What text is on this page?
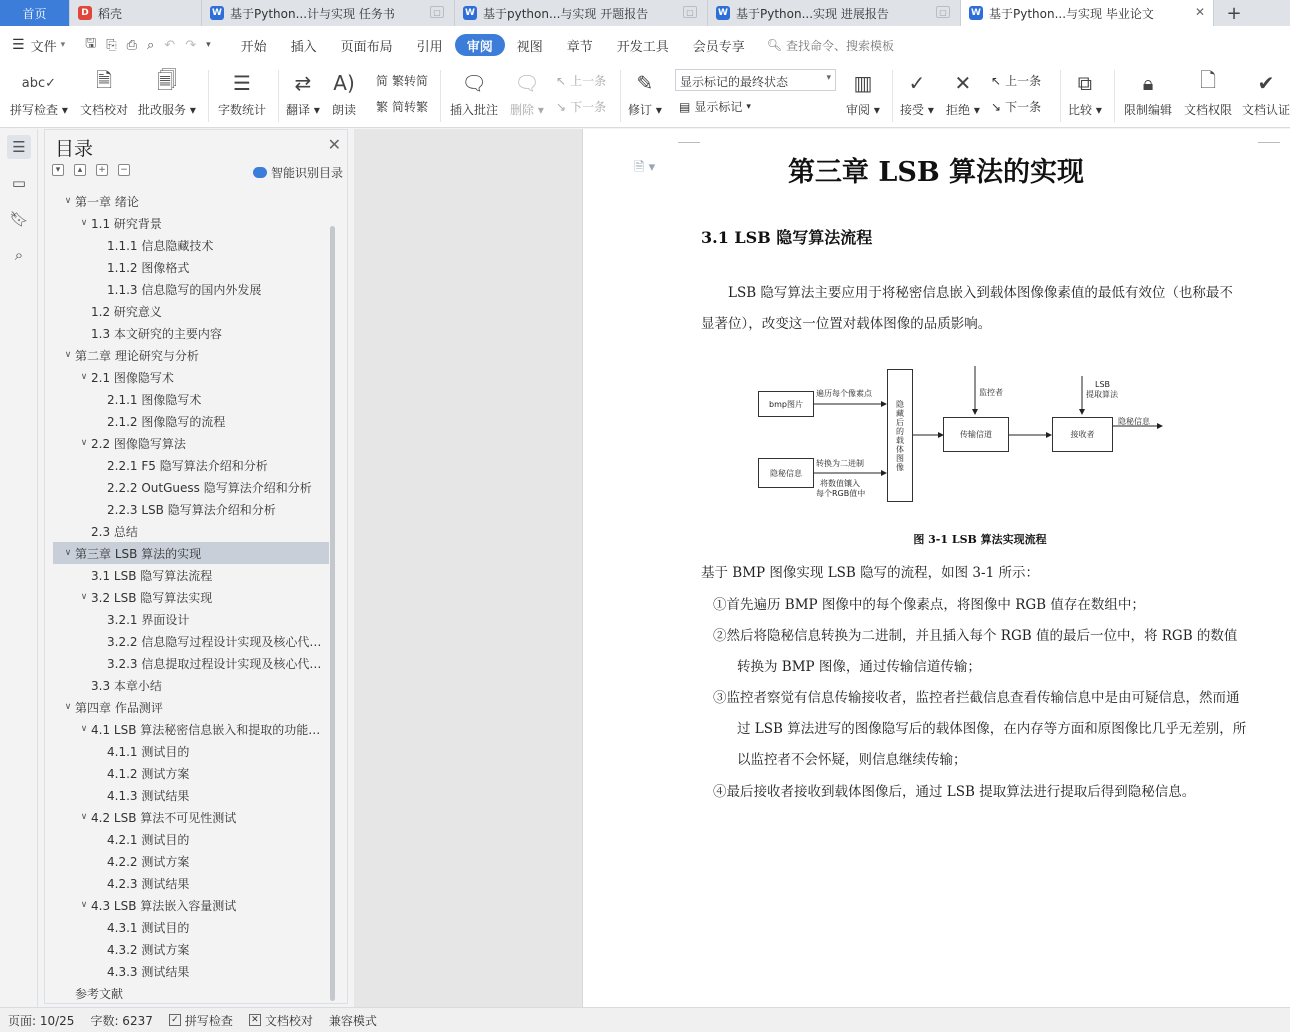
首页	D 稻壳	W 基于Python...计与实现 任务书	▢	W 基于python...与实现 开题报告	▢	W 基于Python...实现 进展报告	▢	W 基于Python...与实现 毕业论文	✕	+
☰ 文件 ▾ 🖫 ⎘ ⎙ ⌕ ↶ ↷ ▾	开始	插入	页面布局	引用	审阅	视图	章节	开发工具	会员专享	🔍︎ 查找命令、搜索模板
abc✓
拼写检查 ▾
🗎
文档校对
🗐
批改服务 ▾
☰
字数统计
⇄
翻译 ▾
A)
朗读
简 繁转简
繁 简转繁
🗨
插入批注
🗨
删除 ▾
↖ 上一条
↘ 下一条
✎
修订 ▾
显示标记的最终状态	▾
▤ 显示标记 ▾
▥
审阅 ▾
✓
接受 ▾
✕
拒绝 ▾
↖ 上一条
↘ 下一条
⧉
比较 ▾
🔒︎
限制编辑
🗋
文档权限
✔
文档认证
☰
▭
🔖︎
⌕
目录	✕
▾	▴	+ −	智能识别目录
∨ 第一章 绪论
∨ 1.1 研究背景
1.1.1 信息隐藏技术
1.1.2 图像格式
1.1.3 信息隐写的国内外发展
1.2 研究意义
1.3 本文研究的主要内容
∨ 第二章 理论研究与分析
∨ 2.1 图像隐写术
2.1.1 图像隐写术
2.1.2 图像隐写的流程
∨ 2.2 图像隐写算法
2.2.1 F5 隐写算法介绍和分析
2.2.2 OutGuess 隐写算法介绍和分析
2.2.3 LSB 隐写算法介绍和分析
2.3 总结
∨ 第三章 LSB 算法的实现
3.1 LSB 隐写算法流程
∨ 3.2 LSB 隐写算法实现
3.2.1 界面设计
3.2.2 信息隐写过程设计实现及核心代…
3.2.3 信息提取过程设计实现及核心代…
3.3 本章小结
∨ 第四章 作品测评
∨ 4.1 LSB 算法秘密信息嵌入和提取的功能…
4.1.1 测试目的
4.1.2 测试方案
4.1.3 测试结果
∨ 4.2 LSB 算法不可见性测试
4.2.1 测试目的
4.2.2 测试方案
4.2.3 测试结果
∨ 4.3 LSB 算法嵌入容量测试
4.3.1 测试目的
4.3.2 测试方案
4.3.3 测试结果
参考文献
🗎 ▾	第三章 LSB 算法的实现
3.1 LSB 隐写算法流程
LSB 隐写算法主要应用于将秘密信息嵌入到载体图像像素值的最低有效位（也称最不
显著位），改变这一位置对载体图像的品质影响。
bmp图片
隐秘信息
遍历每个像素点
转换为二进制
将数值镶入
每个RGB值中
隐藏后的载体图像
监控者
传输信道
LSB
提取算法
接收者
隐秘信息
图 3-1 LSB 算法实现流程
基于 BMP 图像实现 LSB 隐写的流程，如图 3-1 所示：
①首先遍历 BMP 图像中的每个像素点，将图像中 RGB 值存在数组中；
②然后将隐秘信息转换为二进制，并且插入每个 RGB 值的最后一位中，将 RGB 的数值
转换为 BMP 图像，通过传输信道传输；
③监控者察觉有信息传输接收者，监控者拦截信息查看传输信息中是由可疑信息，然而通
过 LSB 算法进写的图像隐写后的载体图像，在内存等方面和原图像比几乎无差别，所
以监控者不会怀疑，则信息继续传输；
④最后接收者接收到载体图像后，通过 LSB 提取算法进行提取后得到隐秘信息。
页面: 10/25 字数: 6237 ✓ 拼写检查 ✕ 文档校对 兼容模式
